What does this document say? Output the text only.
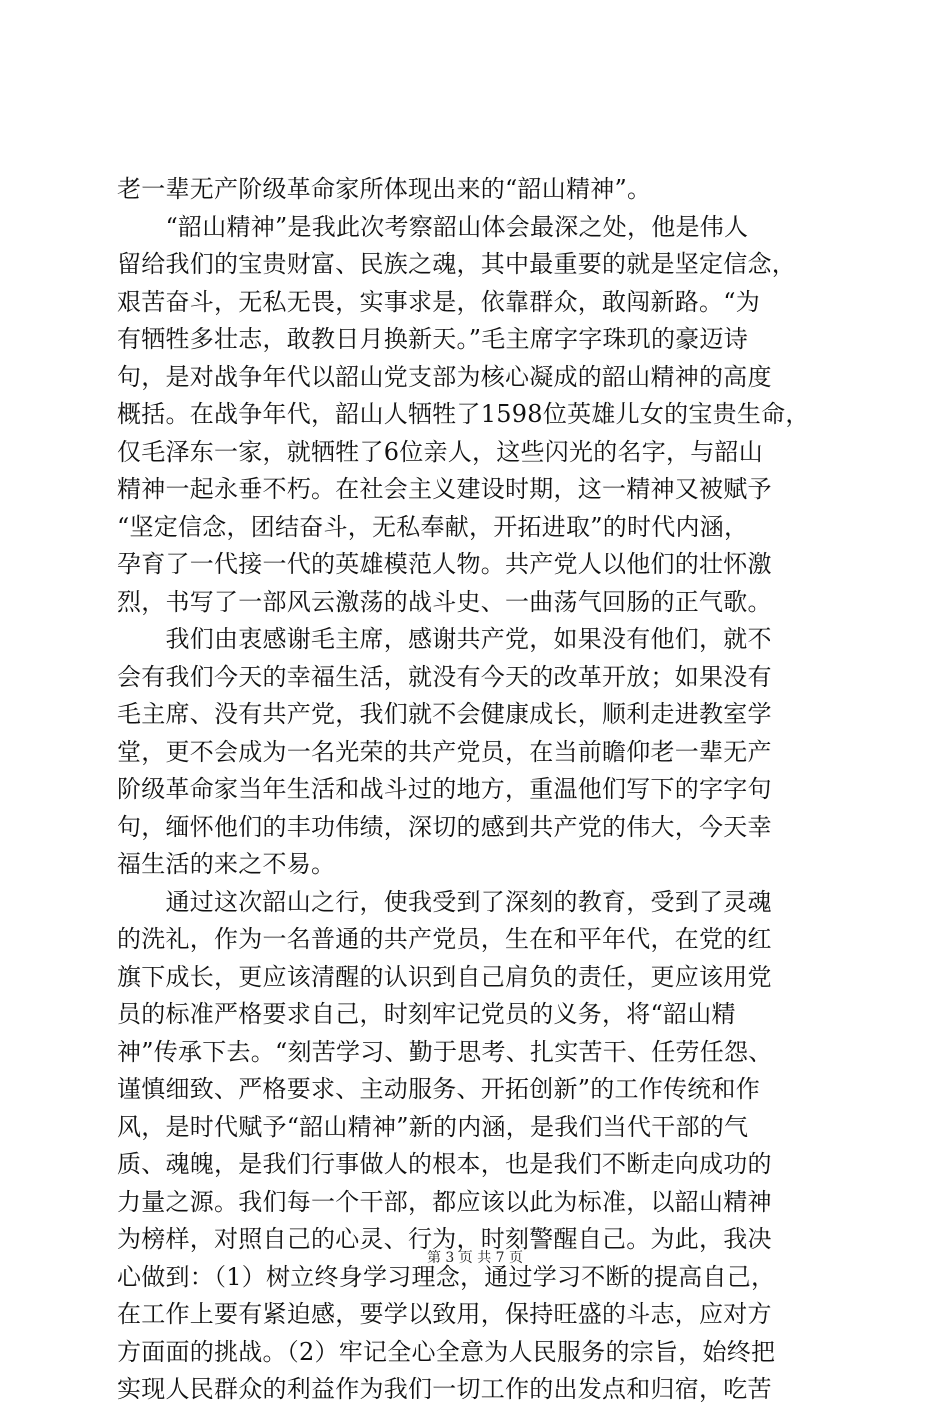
老一辈无产阶级革命家所体现出来的“韶山精神”。
　　“韶山精神”是我此次考察韶山体会最深之处，他是伟人
留给我们的宝贵财富、民族之魂，其中最重要的就是坚定信念，
艰苦奋斗，无私无畏，实事求是，依靠群众，敢闯新路。“为
有牺牲多壮志，敢教日月换新天。”毛主席字字珠玑的豪迈诗
句，是对战争年代以韶山党支部为核心凝成的韶山精神的高度
概括。在战争年代，韶山人牺牲了1598位英雄儿女的宝贵生命，
仅毛泽东一家，就牺牲了6位亲人，这些闪光的名字，与韶山
精神一起永垂不朽。在社会主义建设时期，这一精神又被赋予
“坚定信念，团结奋斗，无私奉献，开拓进取”的时代内涵，
孕育了一代接一代的英雄模范人物。共产党人以他们的壮怀激
烈，书写了一部风云激荡的战斗史、一曲荡气回肠的正气歌。
　　我们由衷感谢毛主席，感谢共产党，如果没有他们，就不
会有我们今天的幸福生活，就没有今天的改革开放；如果没有
毛主席、没有共产党，我们就不会健康成长，顺利走进教室学
堂，更不会成为一名光荣的共产党员，在当前瞻仰老一辈无产
阶级革命家当年生活和战斗过的地方，重温他们写下的字字句
句，缅怀他们的丰功伟绩，深切的感到共产党的伟大，今天幸
福生活的来之不易。
　　通过这次韶山之行，使我受到了深刻的教育，受到了灵魂
的洗礼，作为一名普通的共产党员，生在和平年代，在党的红
旗下成长，更应该清醒的认识到自己肩负的责任，更应该用党
员的标准严格要求自己，时刻牢记党员的义务，将“韶山精
神”传承下去。“刻苦学习、勤于思考、扎实苦干、任劳任怨、
谨慎细致、严格要求、主动服务、开拓创新”的工作传统和作
风，是时代赋予“韶山精神”新的内涵，是我们当代干部的气
质、魂魄，是我们行事做人的根本，也是我们不断走向成功的
力量之源。我们每一个干部，都应该以此为标准，以韶山精神
为榜样，对照自己的心灵、行为，时刻警醒自己。为此，我决
心做到：（1）树立终身学习理念，通过学习不断的提高自己，
在工作上要有紧迫感，要学以致用，保持旺盛的斗志，应对方
方面面的挑战。（2）牢记全心全意为人民服务的宗旨，始终把
实现人民群众的利益作为我们一切工作的出发点和归宿，吃苦
第 3 页 共 7 页
